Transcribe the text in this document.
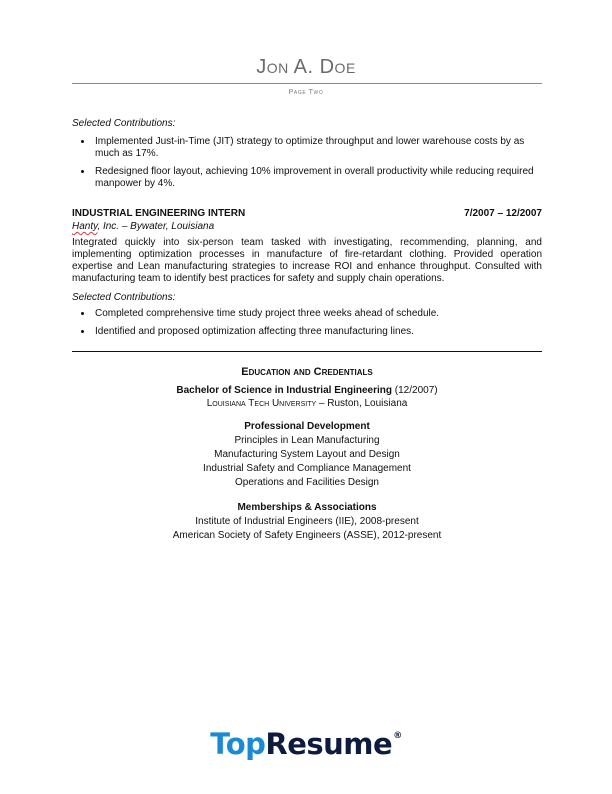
Jon A. Doe
Page Two
Selected Contributions:
Implemented Just-in-Time (JIT) strategy to optimize throughput and lower warehouse costs by as much as 17%.
Redesigned floor layout, achieving 10% improvement in overall productivity while reducing required manpower by 4%.
INDUSTRIAL ENGINEERING INTERN	7/2007 – 12/2007
Hanty, Inc. – Bywater, Louisiana

Integrated quickly into six-person team tasked with investigating, recommending, planning, and implementing optimization processes in manufacture of fire-retardant clothing. Provided operation expertise and Lean manufacturing strategies to increase ROI and enhance throughput. Consulted with manufacturing team to identify best practices for safety and supply chain operations.

Selected Contributions:
Completed comprehensive time study project three weeks ahead of schedule.
Identified and proposed optimization affecting three manufacturing lines.
Education and Credentials
Bachelor of Science in Industrial Engineering (12/2007)
Louisiana Tech University – Ruston, Louisiana
Professional Development
Principles in Lean Manufacturing
Manufacturing System Layout and Design
Industrial Safety and Compliance Management
Operations and Facilities Design
Memberships & Associations
Institute of Industrial Engineers (IIE), 2008-present
American Society of Safety Engineers (ASSE), 2012-present
TopResume®
